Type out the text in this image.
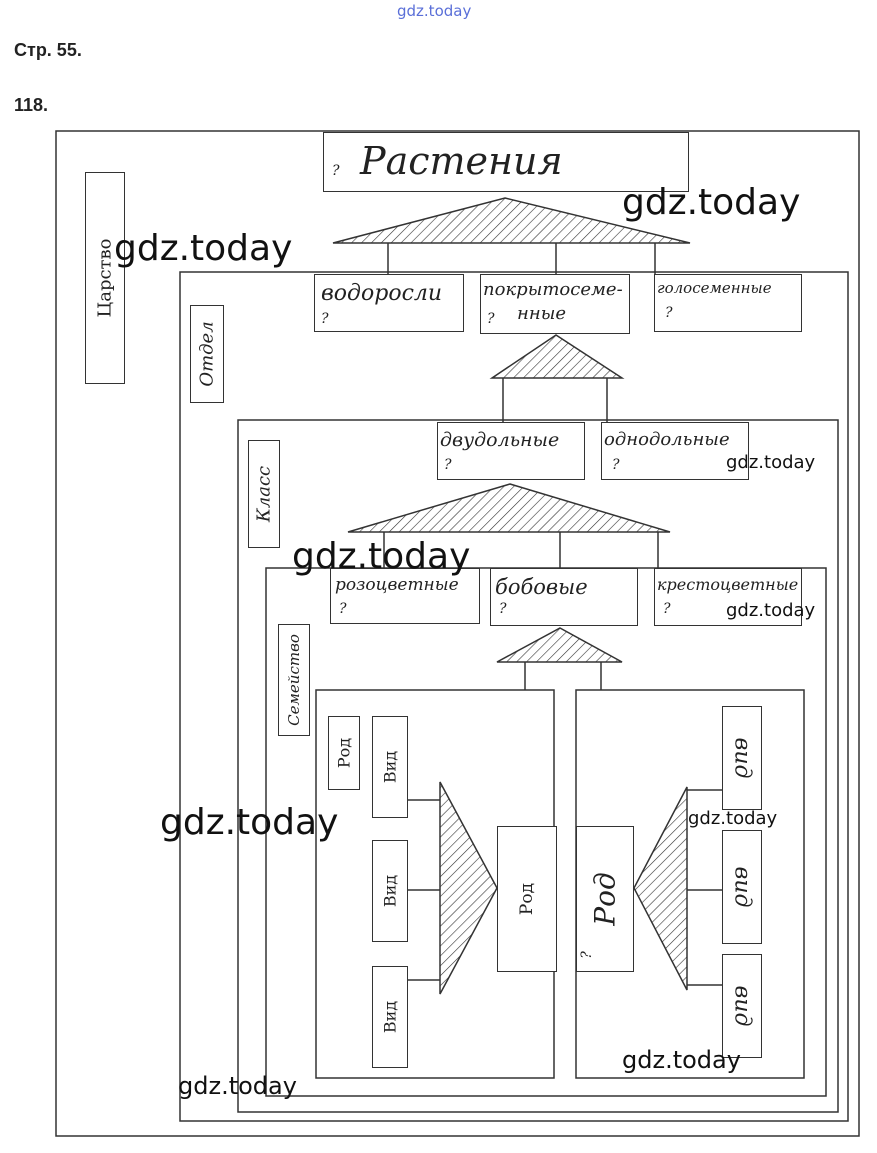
gdz.today
Стр. 55.
118.
? Растения
Царство
Отдел
Класс
Семейство
водоросли
?
покрытосеме-
нные
?
голосеменные
?
двудольные
?
однодольные
?
розоцветные
?
бобовые
?
крестоцветные
?
Род Вид
Вид
Вид
Род Род
?
вид
вид
вид
gdz.today
gdz.today
gdz.today
gdz.today
gdz.today
gdz.today	gdz.today
gdz.today
gdz.today
